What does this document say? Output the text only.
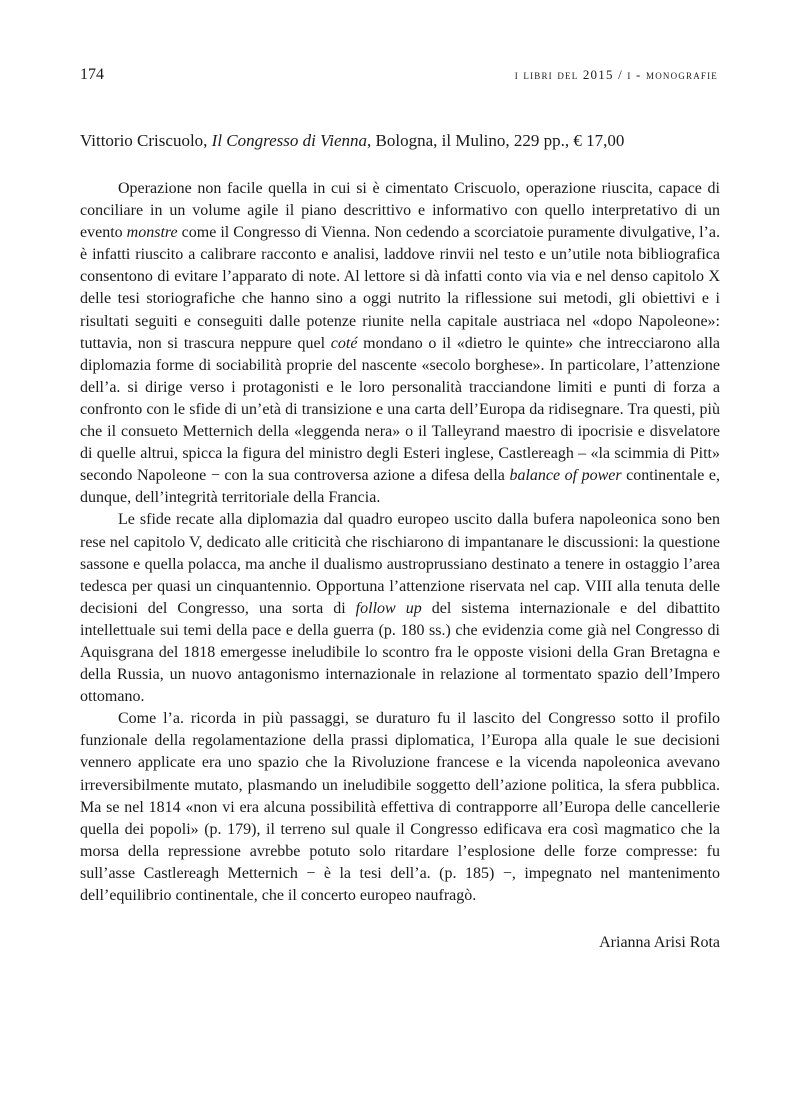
174	i libri del 2015 / i - monografie
Vittorio Criscuolo, Il Congresso di Vienna, Bologna, il Mulino, 229 pp., € 17,00

Operazione non facile quella in cui si è cimentato Criscuolo, operazione riuscita, capace di conciliare in un volume agile il piano descrittivo e informativo con quello interpretativo di un evento monstre come il Congresso di Vienna. Non cedendo a scorciatoie puramente divulgative, l’a. è infatti riuscito a calibrare racconto e analisi, laddove rinvii nel testo e un’utile nota bibliografica consentono di evitare l’apparato di note. Al lettore si dà infatti conto via via e nel denso capitolo X delle tesi storiografiche che hanno sino a oggi nutrito la riflessione sui metodi, gli obiettivi e i risultati seguiti e conseguiti dalle potenze riunite nella capitale austriaca nel «dopo Napoleone»: tuttavia, non si trascura neppure quel coté mondano o il «dietro le quinte» che intrecciarono alla diplomazia forme di sociabilità proprie del nascente «secolo borghese». In particolare, l’attenzione dell’a. si dirige verso i protagonisti e le loro personalità tracciandone limiti e punti di forza a confronto con le sfide di un’età di transizione e una carta dell’Europa da ridisegnare. Tra questi, più che il consueto Metternich della «leggenda nera» o il Talleyrand maestro di ipocrisie e disvelatore di quelle altrui, spicca la figura del ministro degli Esteri inglese, Castlereagh – «la scimmia di Pitt» secondo Napoleone − con la sua controversa azione a difesa della balance of power continentale e, dunque, dell’integrità territoriale della Francia.

Le sfide recate alla diplomazia dal quadro europeo uscito dalla bufera napoleonica sono ben rese nel capitolo V, dedicato alle criticità che rischiarono di impantanare le discussioni: la questione sassone e quella polacca, ma anche il dualismo austroprussiano destinato a tenere in ostaggio l’area tedesca per quasi un cinquantennio. Opportuna l’attenzione riservata nel cap. VIII alla tenuta delle decisioni del Congresso, una sorta di follow up del sistema internazionale e del dibattito intellettuale sui temi della pace e della guerra (p. 180 ss.) che evidenzia come già nel Congresso di Aquisgrana del 1818 emergesse ineludibile lo scontro fra le opposte visioni della Gran Bretagna e della Russia, un nuovo antagonismo internazionale in relazione al tormentato spazio dell’Impero ottomano.

Come l’a. ricorda in più passaggi, se duraturo fu il lascito del Congresso sotto il profilo funzionale della regolamentazione della prassi diplomatica, l’Europa alla quale le sue decisioni vennero applicate era uno spazio che la Rivoluzione francese e la vicenda napoleonica avevano irreversibilmente mutato, plasmando un ineludibile soggetto dell’azione politica, la sfera pubblica. Ma se nel 1814 «non vi era alcuna possibilità effettiva di contrapporre all’Europa delle cancellerie quella dei popoli» (p. 179), il terreno sul quale il Congresso edificava era così magmatico che la morsa della repressione avrebbe potuto solo ritardare l’esplosione delle forze compresse: fu sull’asse Castlereagh Metternich − è la tesi dell’a. (p. 185) −, impegnato nel mantenimento dell’equilibrio continentale, che il concerto europeo naufragò.

Arianna Arisi Rota
